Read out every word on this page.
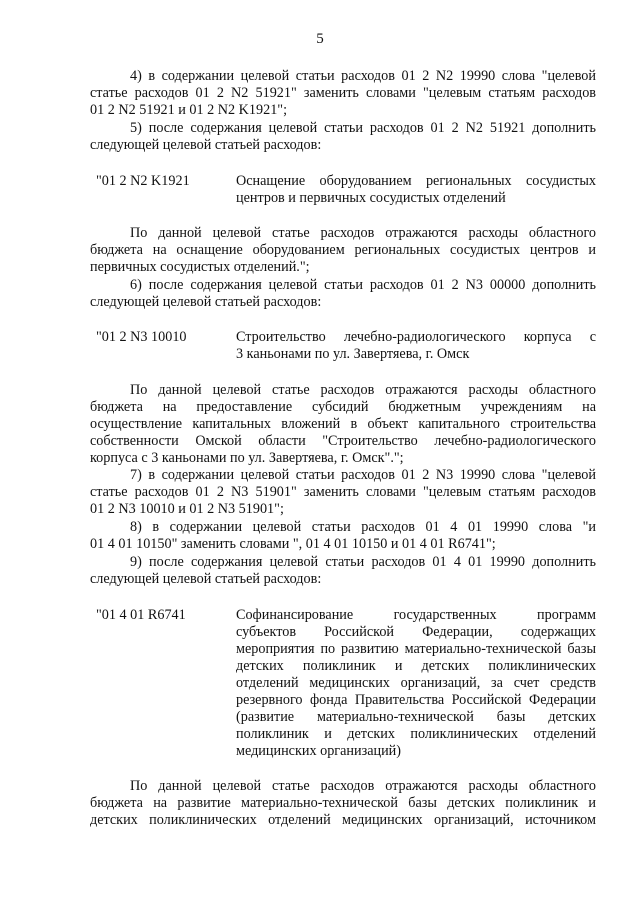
5
4) в содержании целевой статьи расходов 01 2 N2 19990 слова "целевой
статье расходов 01 2 N2 51921" заменить словами "целевым статьям расходов
01 2 N2 51921 и 01 2 N2 K1921";
5) после содержания целевой статьи расходов 01 2 N2 51921 дополнить
следующей целевой статьей расходов:
"01 2 N2 K1921	Оснащение оборудованием региональных сосудистых
центров и первичных сосудистых отделений
По данной целевой статье расходов отражаются расходы областного
бюджета на оснащение оборудованием региональных сосудистых центров и
первичных сосудистых отделений.";
6) после содержания целевой статьи расходов 01 2 N3 00000 дополнить
следующей целевой статьей расходов:
"01 2 N3 10010	Строительство лечебно-радиологического корпуса с
3 каньонами по ул. Завертяева, г. Омск
По данной целевой статье расходов отражаются расходы областного
бюджета на предоставление субсидий бюджетным учреждениям на
осуществление капитальных вложений в объект капитального строительства
собственности Омской области "Строительство лечебно-радиологического
корпуса с 3 каньонами по ул. Завертяева, г. Омск".";
7) в содержании целевой статьи расходов 01 2 N3 19990 слова "целевой
статье расходов 01 2 N3 51901" заменить словами "целевым статьям расходов
01 2 N3 10010 и 01 2 N3 51901";
8) в содержании целевой статьи расходов 01 4 01 19990 слова "и
01 4 01 10150" заменить словами ", 01 4 01 10150 и 01 4 01 R6741";
9) после содержания целевой статьи расходов 01 4 01 19990 дополнить
следующей целевой статьей расходов:
"01 4 01 R6741	Софинансирование государственных программ
субъектов Российской Федерации, содержащих
мероприятия по развитию материально-технической базы
детских поликлиник и детских поликлинических
отделений медицинских организаций, за счет средств
резервного фонда Правительства Российской Федерации
(развитие материально-технической базы детских
поликлиник и детских поликлинических отделений
медицинских организаций)
По данной целевой статье расходов отражаются расходы областного
бюджета на развитие материально-технической базы детских поликлиник и
детских поликлинических отделений медицинских организаций, источником
